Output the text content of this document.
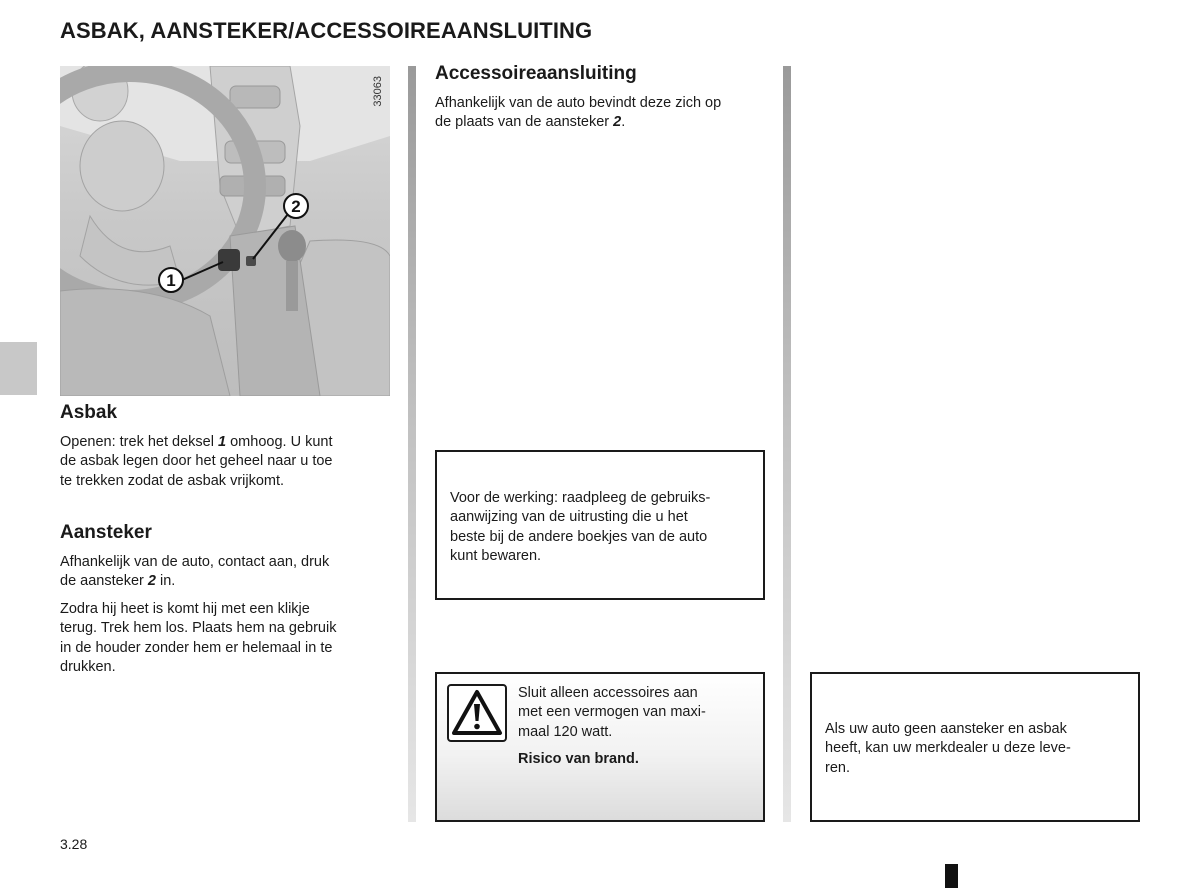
ASBAK, AANSTEKER/ACCESSOIREAANSLUITING
1
2
33063
Asbak
Openen: trek het deksel 1 omhoog. U kunt
de asbak legen door het geheel naar u toe
te trekken zodat de asbak vrijkomt.
Aansteker
Afhankelijk van de auto, contact aan, druk
de aansteker 2 in.
Zodra hij heet is komt hij met een klikje
terug. Trek hem los. Plaats hem na gebruik
in de houder zonder hem er helemaal in te
drukken.
Accessoireaansluiting
Afhankelijk van de auto bevindt deze zich op
de plaats van de aansteker 2.
Voor de werking: raadpleeg de gebruiks-
aanwijzing van de uitrusting die u het
beste bij de andere boekjes van de auto
kunt bewaren.
Sluit alleen accessoires aan
met een vermogen van maxi-
maal 120 watt.
Risico van brand.
Als uw auto geen aansteker en asbak
heeft, kan uw merkdealer u deze leve-
ren.
3.28
